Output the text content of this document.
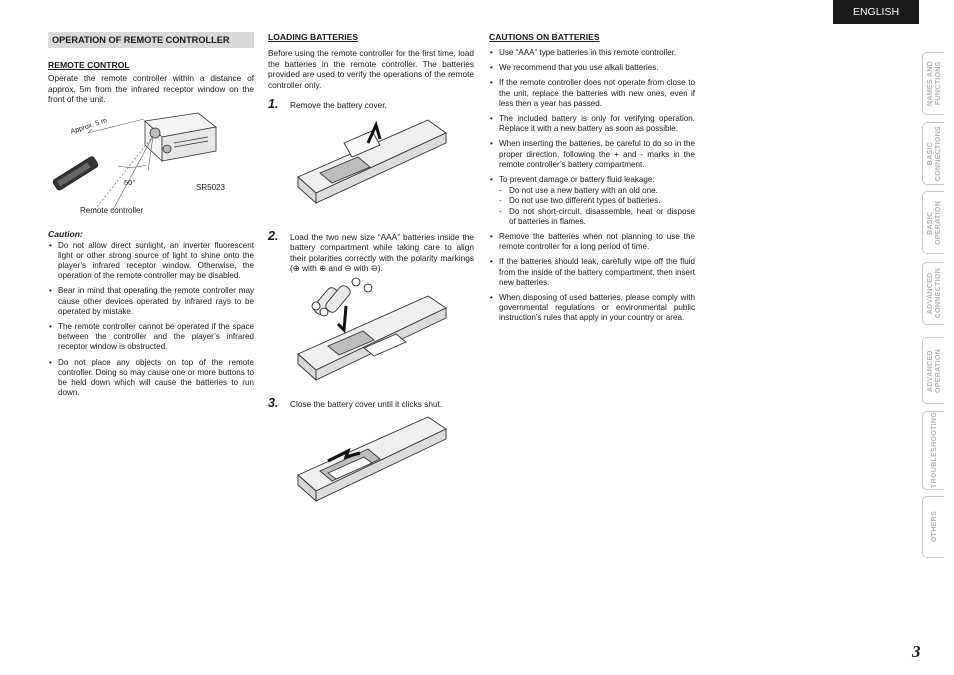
ENGLISH
NAMES AND
FUNCTIONS
BASIC
CONNECTIONS
BASIC
OPERATION
ADVANCED
CONNECTION
ADVANCED
OPERATION
TROUBLESHOOTING
OTHERS
3
OPERATION OF REMOTE CONTROLLER
REMOTE CONTROL
Operate the remote controller within a distance of approx. 5m from the infrared receptor window on the front of the unit.
Approx. 5 m
60°
SR5023
Remote controller
Caution:
• Do not allow direct sunlight, an inverter fluorescent light or other strong source of light to shine onto the player’s infrared receptor window. Otherwise, the operation of the remote controller may be disabled.
• Bear in mind that operating the remote controller may cause other devices operated by infrared rays to be operated by mistake.
• The remote controller cannot be operated if the space between the controller and the player’s infrared receptor window is obstructed.
• Do not place any objects on top of the remote controller. Doing so may cause one or more buttons to be held down which will cause the batteries to run down.
LOADING BATTERIES
Before using the remote controller for the first time, load the batteries in the remote controller. The batteries provided are used to verify the operations of the remote controller only.
1.	Remove the battery cover.
2.	Load the two new size “AAA” batteries inside the battery compartment while taking care to align their polarities correctly with the polarity markings (⊕ with ⊕ and ⊖ with ⊖).
3.	Close the battery cover until it clicks shut.
CAUTIONS ON BATTERIES
• Use “AAA” type batteries in this remote controller.
• We recommend that you use alkali batteries.
• If the remote controller does not operate from close to the unit, replace the batteries with new ones, even if less then a year has passed.
• The included battery is only for verifying operation. Replace it with a new battery as soon as possible.
• When inserting the batteries, be careful to do so in the proper direction, following the + and - marks in the remote controller’s battery compartment.
• To prevent damage or battery fluid leakage:
- Do not use a new battery with an old one.
- Do not use two different types of batteries.
- Do not short-circuit, disassemble, heat or dispose of batteries in flames.
• Remove the batteries when not planning to use the remote controller for a long period of time.
• If the batteries should leak, carefully wipe off the fluid from the inside of the battery compartment, then insert new batteries.
• When disposing of used batteries, please comply with governmental regulations or environmental public instruction’s rules that apply in your country or area.
